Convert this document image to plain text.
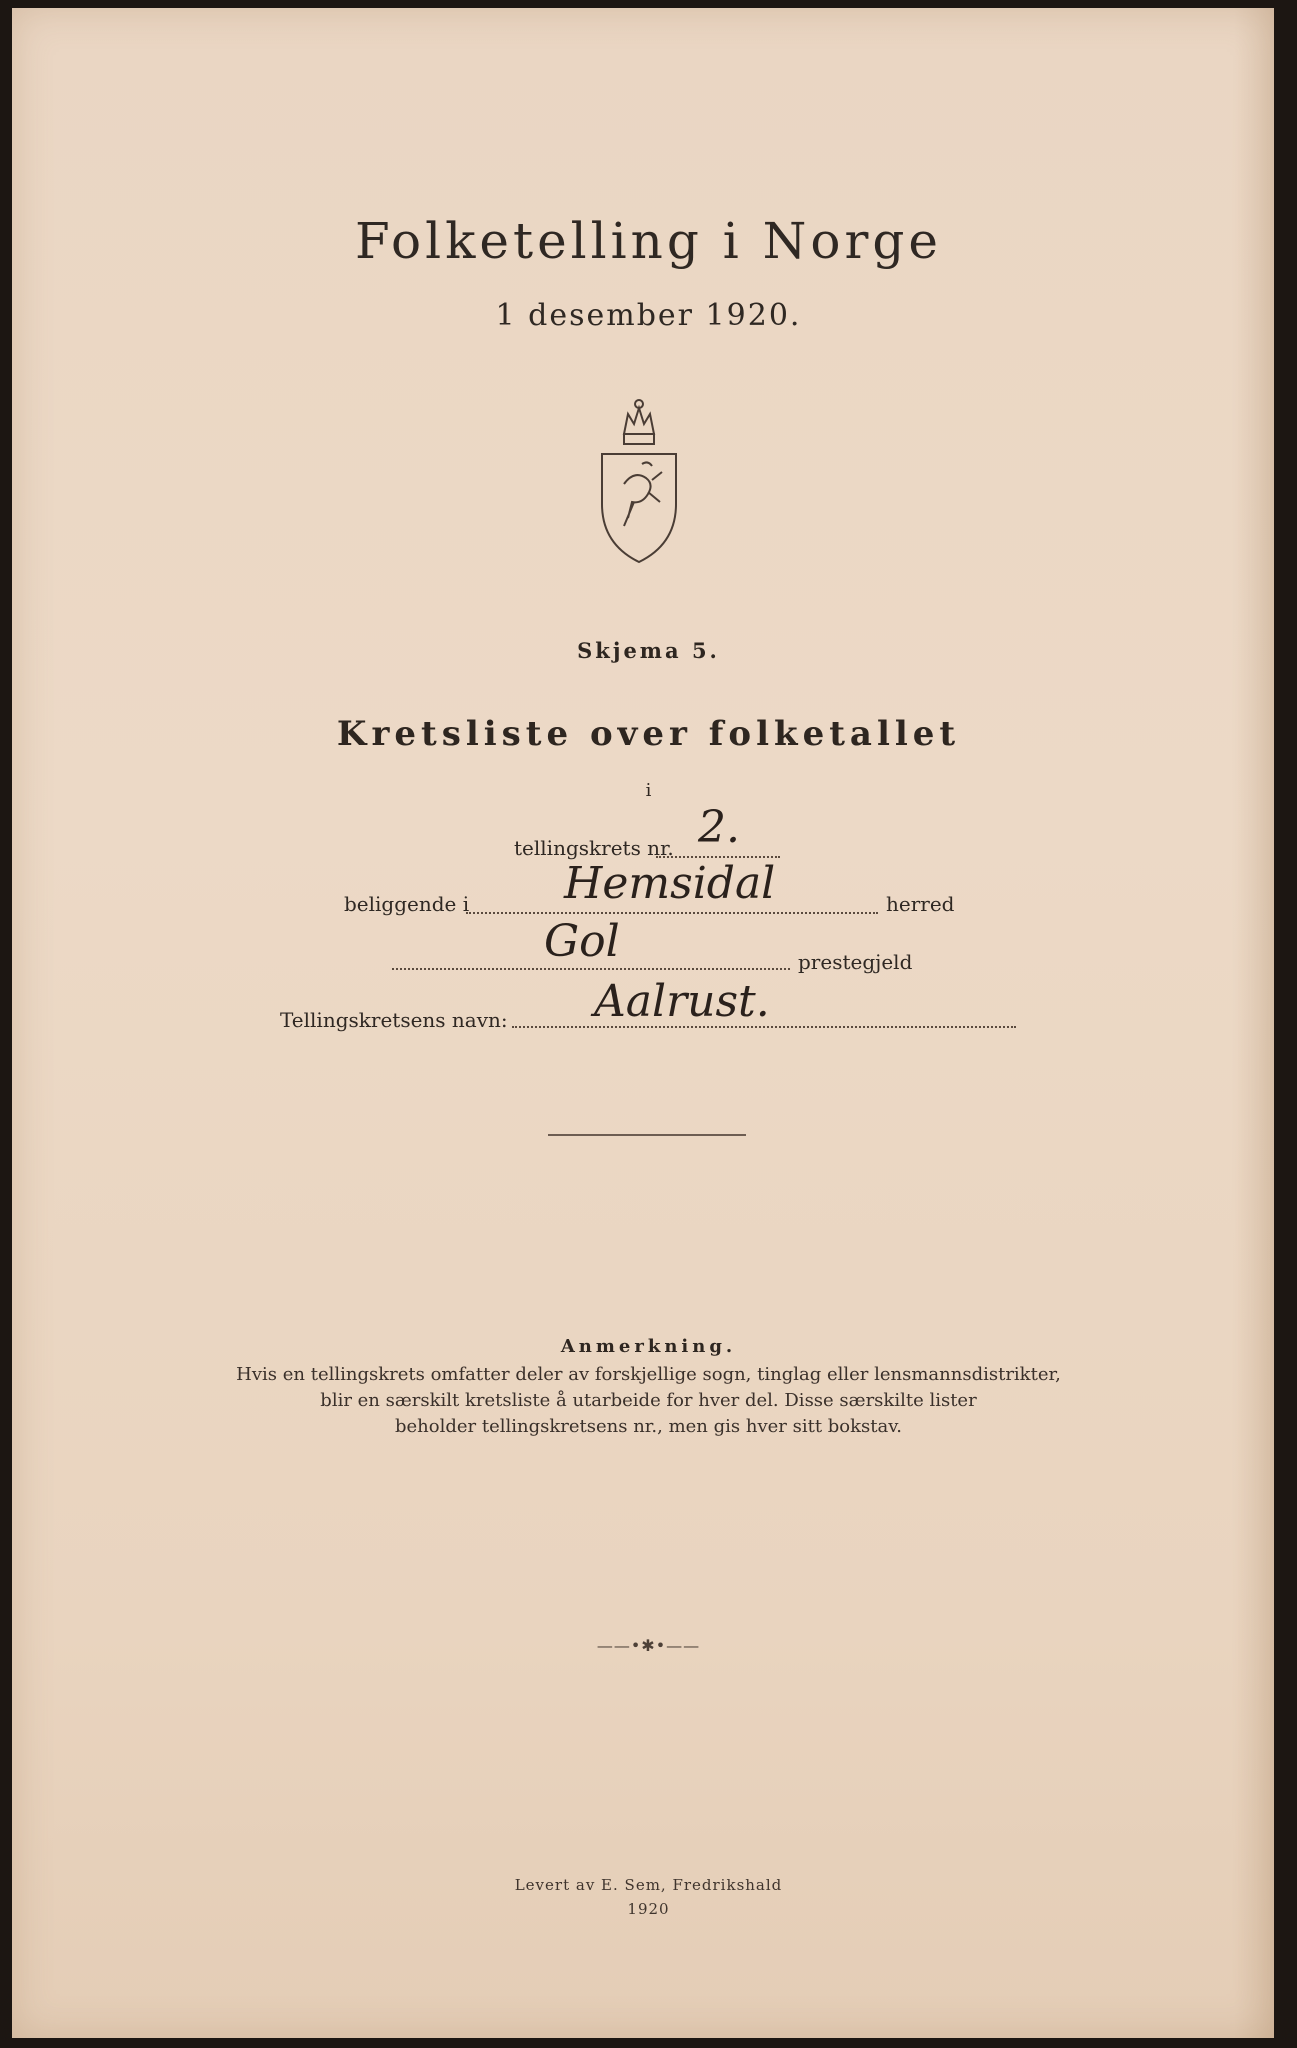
Folketelling i Norge
1 desember 1920.
Skjema 5.
Kretsliste over folketallet
i
tellingskrets nr. 2.
beliggende i Hemsidal	herred
Gol	prestegjeld
Tellingskretsens navn: Aalrust.
Anmerkning.
Hvis en tellingskrets omfatter deler av forskjellige sogn, tinglag eller lensmannsdistrikter,
blir en særskilt kretsliste å utarbeide for hver del. Disse særskilte lister
beholder tellingskretsens nr., men gis hver sitt bokstav.
——•✱•——
Levert av E. Sem, Fredrikshald
1920
